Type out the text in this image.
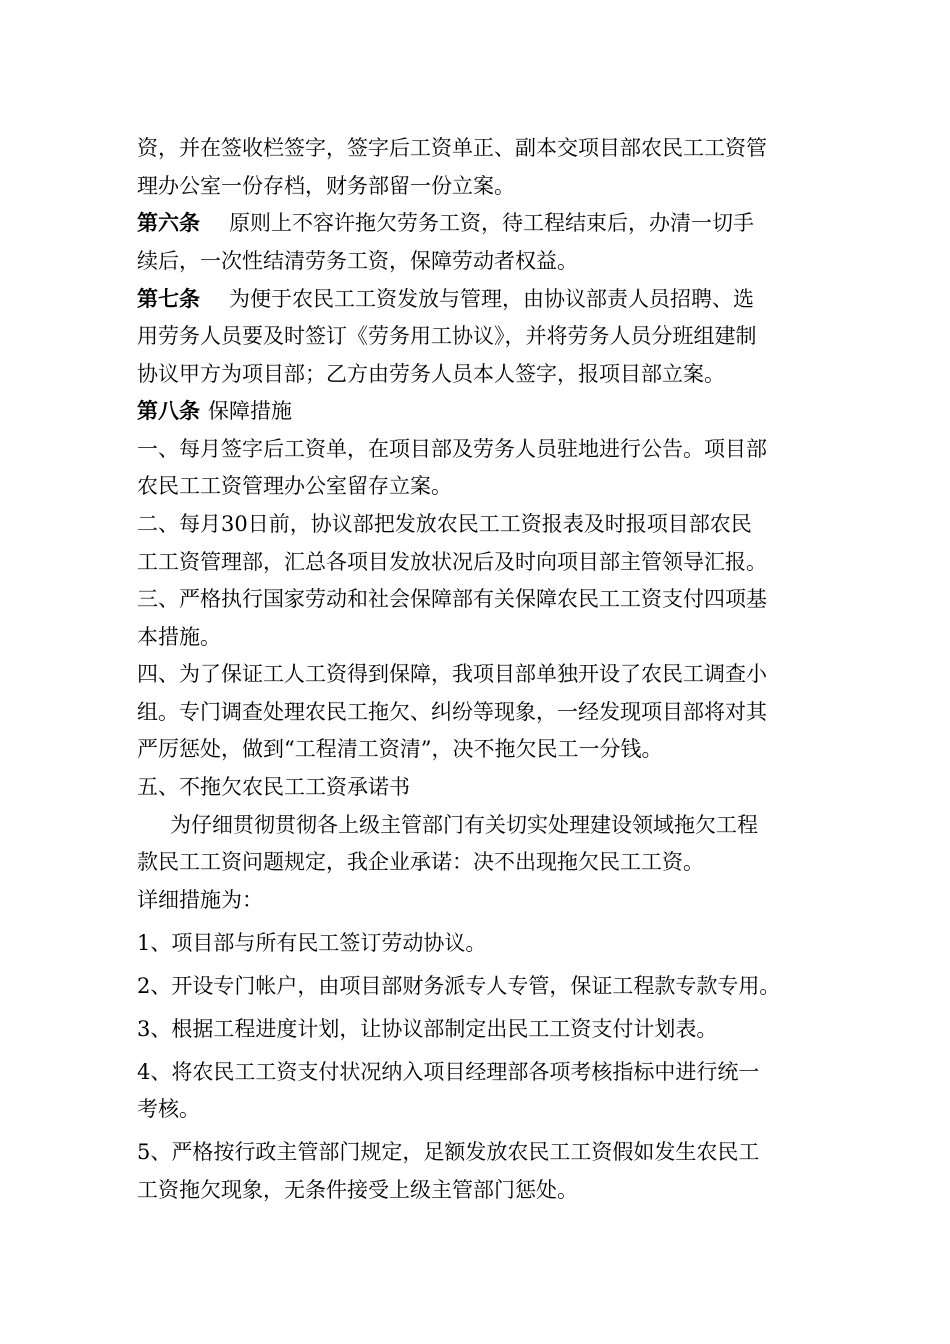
资，并在签收栏签字，签字后工资单正、副本交项目部农民工工资管
理办公室一份存档，财务部留一份立案。
第六条 原则上不容许拖欠劳务工资，待工程结束后，办清一切手
续后，一次性结清劳务工资，保障劳动者权益。
第七条 为便于农民工工资发放与管理，由协议部责人员招聘、选
用劳务人员要及时签订《劳务用工协议》，并将劳务人员分班组建制
协议甲方为项目部；乙方由劳务人员本人签字，报项目部立案。
第八条 保障措施
一、每月签字后工资单，在项目部及劳务人员驻地进行公告。项目部
农民工工资管理办公室留存立案。
二、每月30日前，协议部把发放农民工工资报表及时报项目部农民
工工资管理部，汇总各项目发放状况后及时向项目部主管领导汇报。
三、严格执行国家劳动和社会保障部有关保障农民工工资支付四项基
本措施。
四、为了保证工人工资得到保障，我项目部单独开设了农民工调查小
组。专门调查处理农民工拖欠、纠纷等现象，一经发现项目部将对其
严厉惩处，做到“工程清工资清”，决不拖欠民工一分钱。
五、不拖欠农民工工资承诺书
为仔细贯彻贯彻各上级主管部门有关切实处理建设领域拖欠工程
款民工工资问题规定，我企业承诺：决不出现拖欠民工工资。
详细措施为：
1、项目部与所有民工签订劳动协议。
2、开设专门帐户，由项目部财务派专人专管，保证工程款专款专用。
3、根据工程进度计划，让协议部制定出民工工资支付计划表。
4、将农民工工资支付状况纳入项目经理部各项考核指标中进行统一
考核。
5、严格按行政主管部门规定，足额发放农民工工资假如发生农民工
工资拖欠现象，无条件接受上级主管部门惩处。
